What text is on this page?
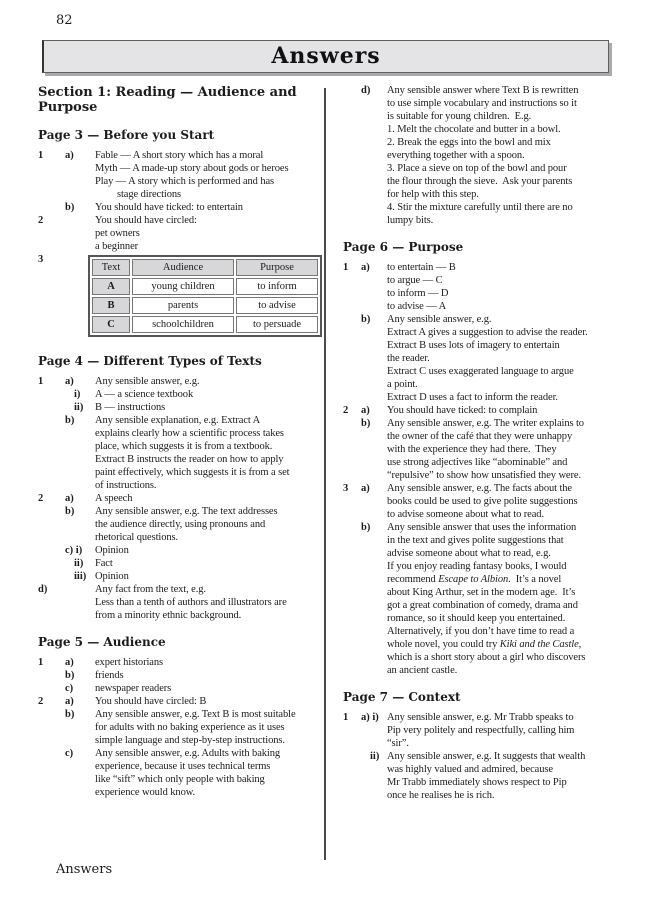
82
Answers
Section 1: Reading — Audience and Purpose
Page 3 — Before you Start
1	a)	Fable — A short story which has a moral
Myth — A made-up story about gods or heroes
Play — A story which is performed and has
stage directions
b)	You should have ticked: to entertain
2	You should have circled:
pet owners
a beginner
3
Text	Audience	Purpose
A	young children	to inform
B	parents	to advise
C	schoolchildren	to persuade
Page 4 — Different Types of Texts
1	a)	Any sensible answer, e.g.
i)	A — a science textbook
ii)	B — instructions
b)	Any sensible explanation, e.g. Extract A
explains clearly how a scientific process takes
place, which suggests it is from a textbook.
Extract B instructs the reader on how to apply
paint effectively, which suggests it is from a set
of instructions.
2	a)	A speech
b)	Any sensible answer, e.g. The text addresses
the audience directly, using pronouns and
rhetorical questions.
c) i)	Opinion
ii)	Fact
iii) Opinion
d)	Any fact from the text, e.g.
Less than a tenth of authors and illustrators are
from a minority ethnic background.
Page 5 — Audience
1	a)	expert historians
b)	friends
c)	newspaper readers
2	a)	You should have circled: B
b)	Any sensible answer, e.g. Text B is most suitable
for adults with no baking experience as it uses
simple language and step-by-step instructions.
c)	Any sensible answer, e.g. Adults with baking
experience, because it uses technical terms
like “sift” which only people with baking
experience would know.
d)	Any sensible answer where Text B is rewritten
to use simple vocabulary and instructions so it
is suitable for young children.  E.g.
1. Melt the chocolate and butter in a bowl.
2. Break the eggs into the bowl and mix
everything together with a spoon.
3. Place a sieve on top of the bowl and pour
the flour through the sieve.  Ask your parents
for help with this step.
4. Stir the mixture carefully until there are no
lumpy bits.
Page 6 — Purpose
1	a)	to entertain — B
to argue — C
to inform — D
to advise — A
b)	Any sensible answer, e.g.
Extract A gives a suggestion to advise the reader.
Extract B uses lots of imagery to entertain
the reader.
Extract C uses exaggerated language to argue
a point.
Extract D uses a fact to inform the reader.
2	a)	You should have ticked: to complain
b)	Any sensible answer, e.g. The writer explains to
the owner of the café that they were unhappy
with the experience they had there.  They
use strong adjectives like “abominable” and
“repulsive” to show how unsatisfied they were.
3	a)	Any sensible answer, e.g. The facts about the
books could be used to give polite suggestions
to advise someone about what to read.
b)	Any sensible answer that uses the information
in the text and gives polite suggestions that
advise someone about what to read, e.g.
If you enjoy reading fantasy books, I would
recommend Escape to Albion.  It’s a novel
about King Arthur, set in the modern age.  It’s
got a great combination of comedy, drama and
romance, so it should keep you entertained.
Alternatively, if you don’t have time to read a
whole novel, you could try Kiki and the Castle,
which is a short story about a girl who discovers
an ancient castle.
Page 7 — Context
1	a) i) Any sensible answer, e.g. Mr Trabb speaks to
Pip very politely and respectfully, calling him
“sir”.
ii) Any sensible answer, e.g. It suggests that wealth
was highly valued and admired, because
Mr Trabb immediately shows respect to Pip
once he realises he is rich.
Answers
